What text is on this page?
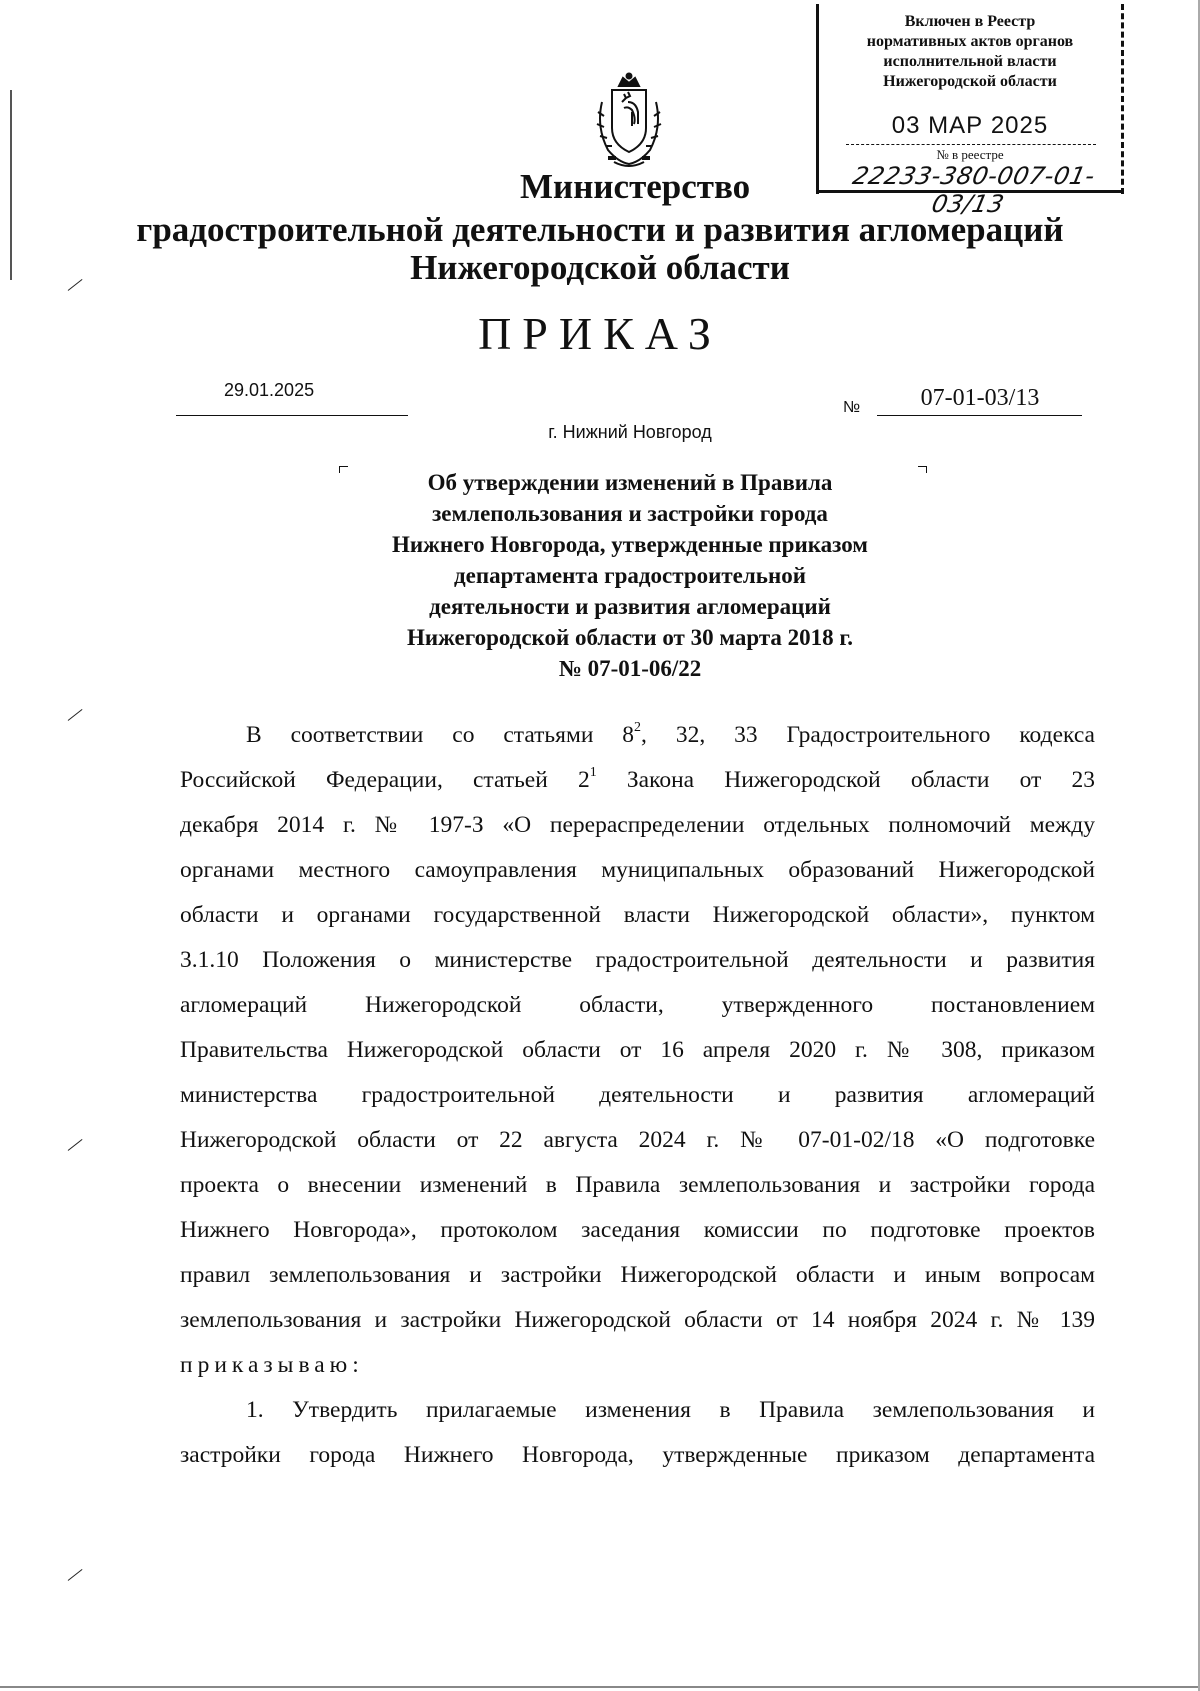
Включен в Реестр
нормативных актов органов
исполнительной власти
Нижегородской области
03 МАР 2025
№ в реестре
22233-380-007-01-03/13
Министерство
градостроительной деятельности и развития агломераций
Нижегородской области
ПРИКАЗ
29.01.2025
№	07-01-03/13
г. Нижний Новгород
Об утверждении изменений в Правила
землепользования и застройки города
Нижнего Новгорода, утвержденные приказом
департамента градостроительной
деятельности и развития агломераций
Нижегородской области от 30 марта 2018 г.
№ 07-01-06/22
В соответствии со статьями $8^2$, 32, 33 Градостроительного кодекса
Российской Федерации, статьей $2^1$ Закона Нижегородской области от 23
декабря 2014 г. № 197-З «О перераспределении отдельных полномочий между
органами местного самоуправления муниципальных образований Нижегородской
области и органами государственной власти Нижегородской области», пунктом
3.1.10 Положения о министерстве градостроительной деятельности и развития
агломераций Нижегородской области, утвержденного постановлением
Правительства Нижегородской области от 16 апреля 2020 г. № 308, приказом
министерства градостроительной деятельности и развития агломераций
Нижегородской области от 22 августа 2024 г. № 07-01-02/18 «О подготовке
проекта о внесении изменений в Правила землепользования и застройки города
Нижнего Новгорода», протоколом заседания комиссии по подготовке проектов
правил землепользования и застройки Нижегородской области и иным вопросам
землепользования и застройки Нижегородской области от 14 ноября 2024 г. № 139
приказываю:
1. Утвердить прилагаемые изменения в Правила землепользования и
застройки города Нижнего Новгорода, утвержденные приказом департамента
